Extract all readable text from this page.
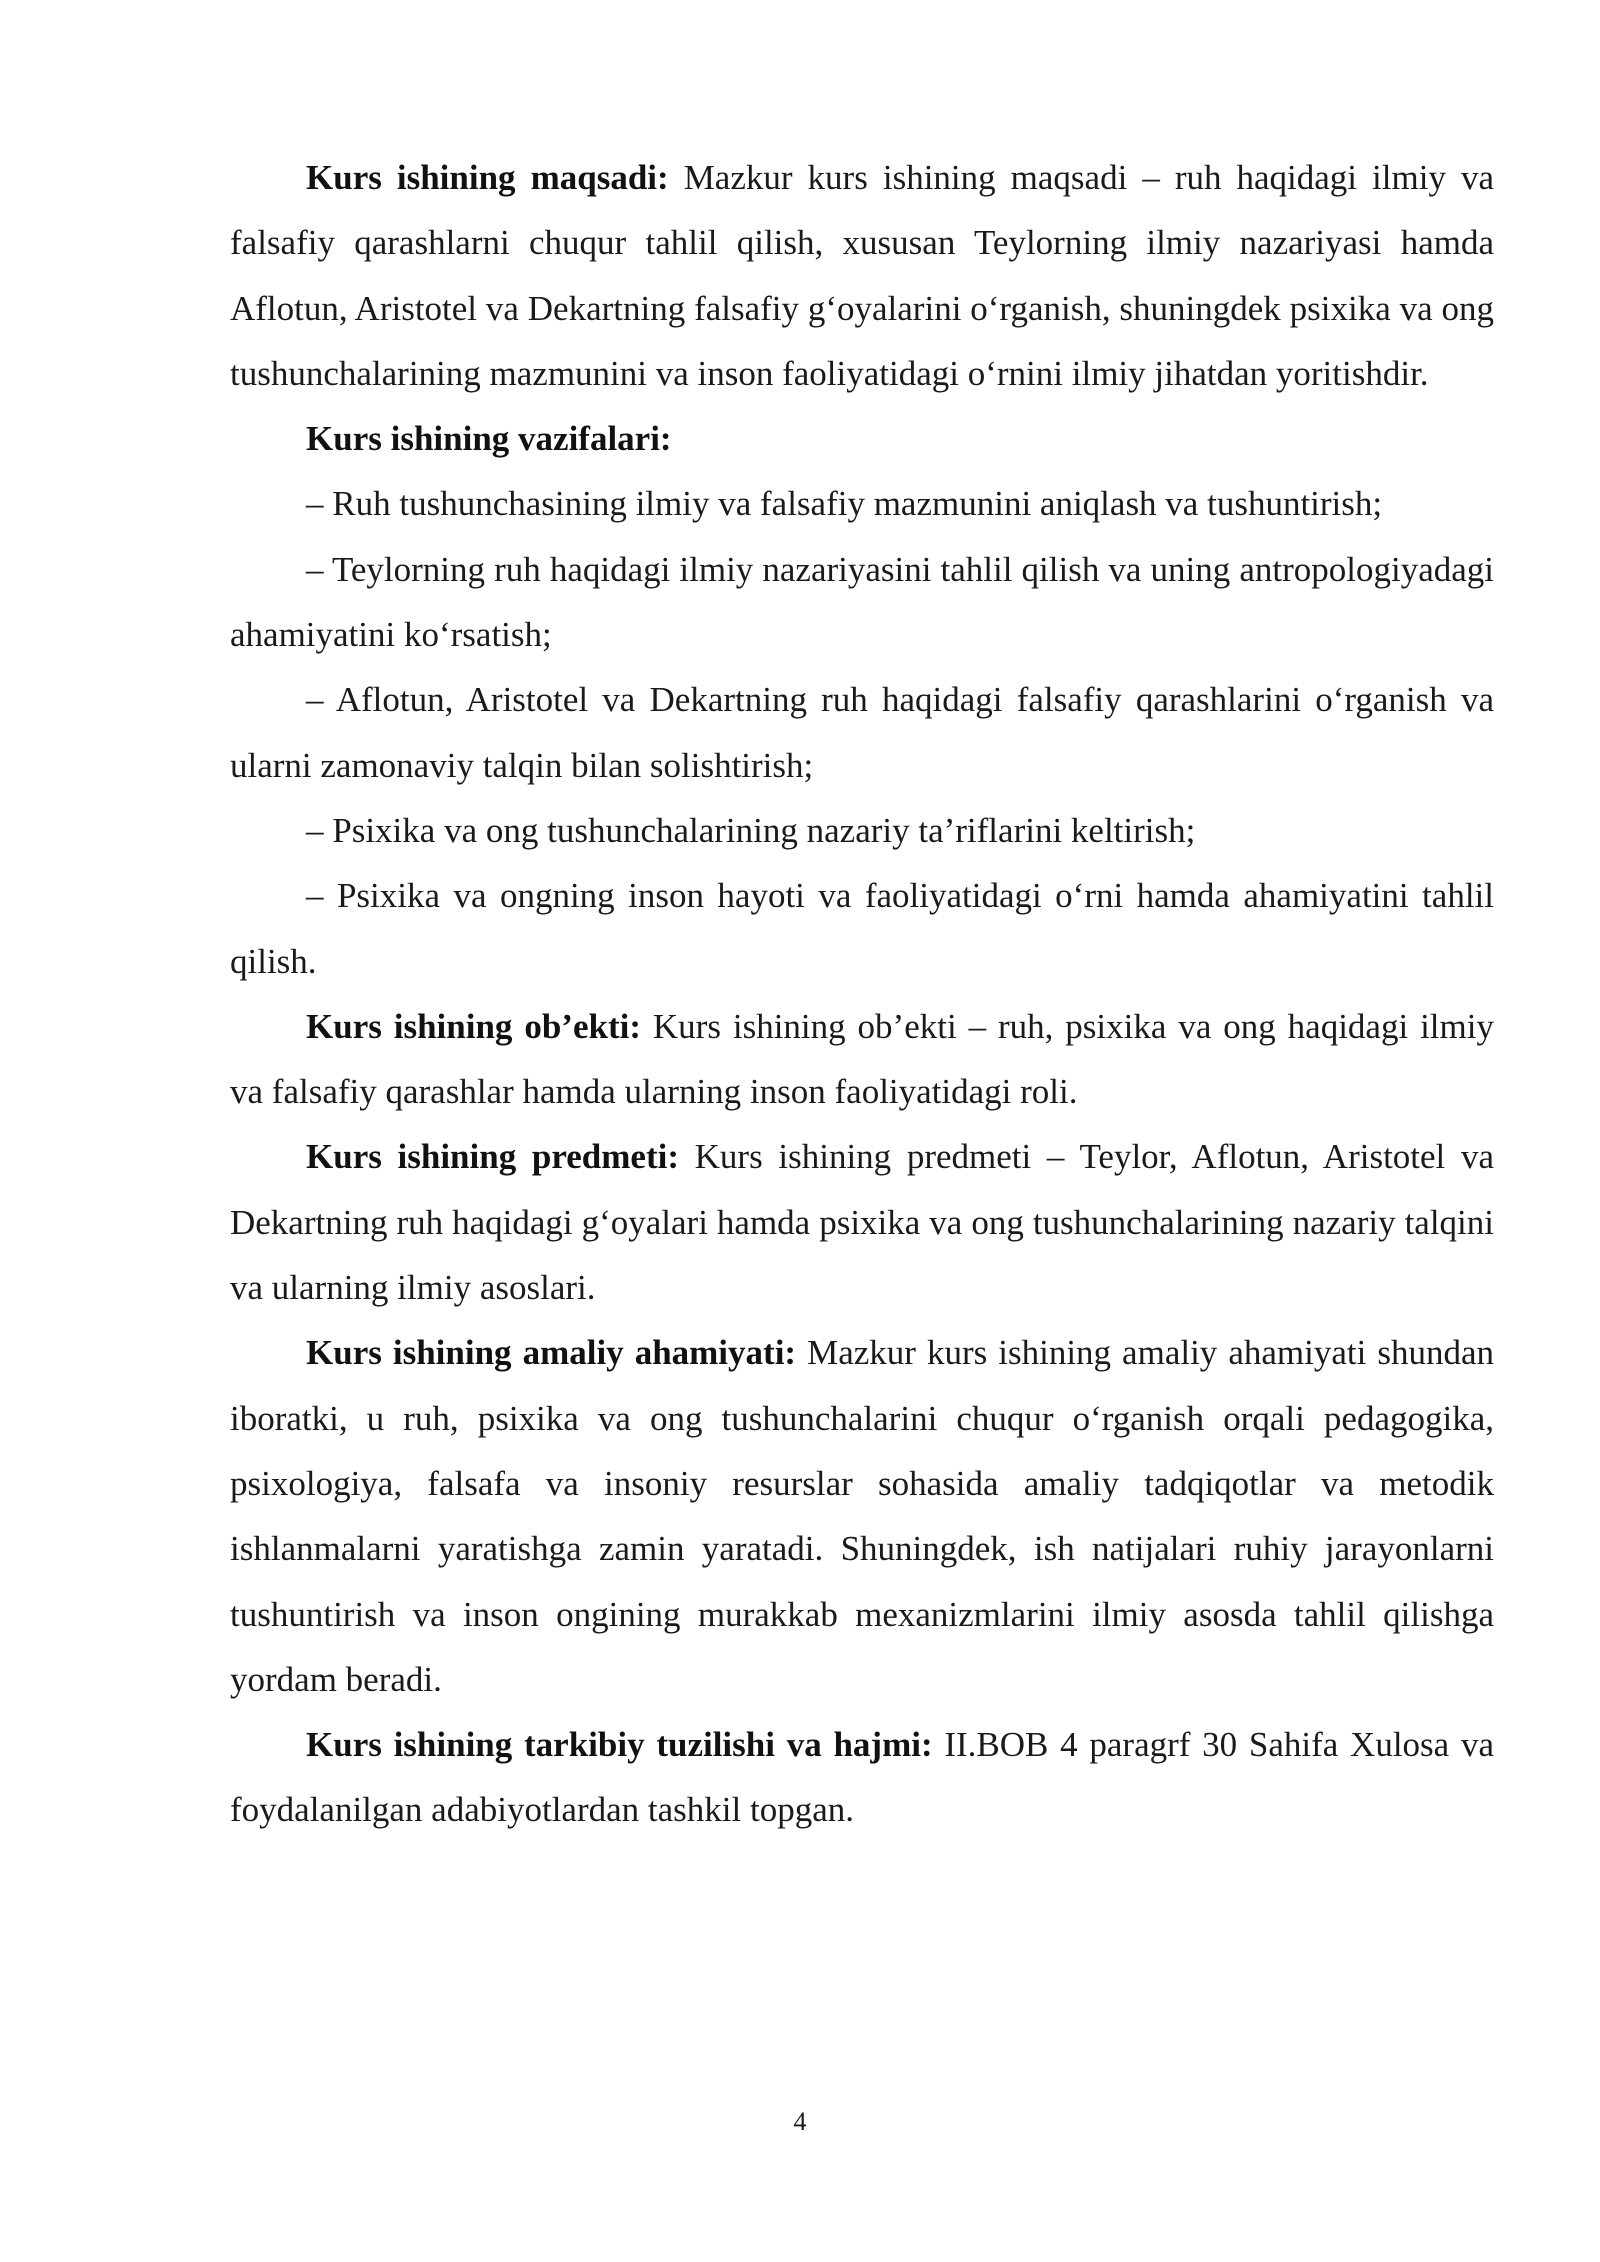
Kurs ishining maqsadi: Mazkur kurs ishining maqsadi – ruh haqidagi ilmiy va falsafiy qarashlarni chuqur tahlil qilish, xususan Teylorning ilmiy nazariyasi hamda Aflotun, Aristotel va Dekartning falsafiy g‘oyalarini o‘rganish, shuningdek psixika va ong tushunchalarining mazmunini va inson faoliyatidagi o‘rnini ilmiy jihatdan yoritishdir.

Kurs ishining vazifalari:

– Ruh tushunchasining ilmiy va falsafiy mazmunini aniqlash va tushuntirish;

– Teylorning ruh haqidagi ilmiy nazariyasini tahlil qilish va uning antropologiyadagi ahamiyatini ko‘rsatish;

– Aflotun, Aristotel va Dekartning ruh haqidagi falsafiy qarashlarini o‘rganish va ularni zamonaviy talqin bilan solishtirish;

– Psixika va ong tushunchalarining nazariy ta’riflarini keltirish;

– Psixika va ongning inson hayoti va faoliyatidagi o‘rni hamda ahamiyatini tahlil qilish.

Kurs ishining ob’ekti: Kurs ishining ob’ekti – ruh, psixika va ong haqidagi ilmiy va falsafiy qarashlar hamda ularning inson faoliyatidagi roli.

Kurs ishining predmeti: Kurs ishining predmeti – Teylor, Aflotun, Aristotel va Dekartning ruh haqidagi g‘oyalari hamda psixika va ong tushunchalarining nazariy talqini va ularning ilmiy asoslari.

Kurs ishining amaliy ahamiyati: Mazkur kurs ishining amaliy ahamiyati shundan iboratki, u ruh, psixika va ong tushunchalarini chuqur o‘rganish orqali pedagogika, psixologiya, falsafa va insoniy resurslar sohasida amaliy tadqiqotlar va metodik ishlanmalarni yaratishga zamin yaratadi. Shuningdek, ish natijalari ruhiy jarayonlarni tushuntirish va inson ongining murakkab mexanizmlarini ilmiy asosda tahlil qilishga yordam beradi.

Kurs ishining tarkibiy tuzilishi va hajmi: II.BOB 4 paragrf 30 Sahifa Xulosa va foydalanilgan adabiyotlardan tashkil topgan.

4
